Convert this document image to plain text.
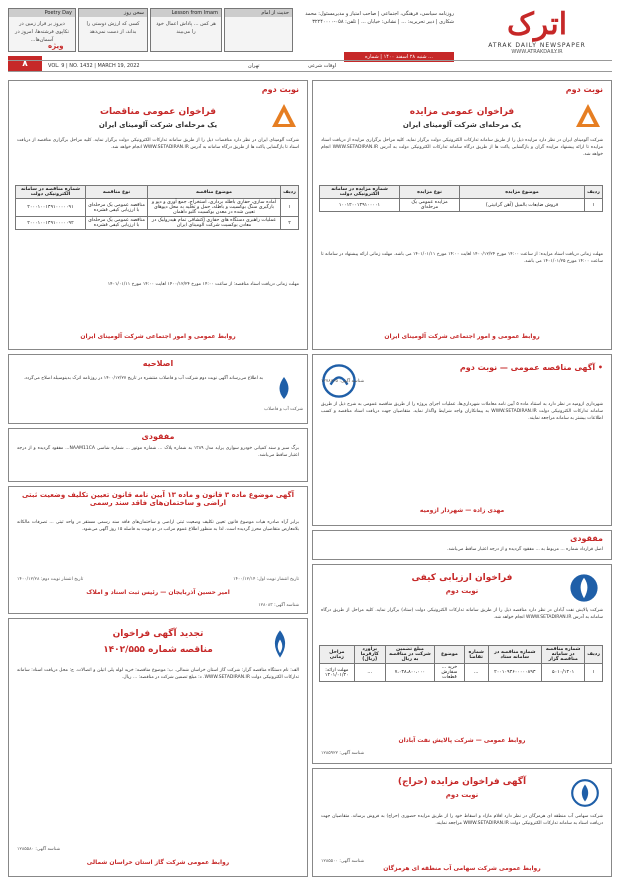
اترک
ATRAK DAILY NEWSPAPER
WWW.ATRAKDAILY.IR
روزنامه سیاسی، فرهنگی، اجتماعی | صاحب امتیاز و مدیرمسئول: محمد شکاری | دبیر تحریریه: ... | نشانی: خیابان ... | تلفن: ۰۵۸-۳۲۲۴۰۰۰۰
شنبه ۲۸ اسفند ۱۴۰۰ | شماره ...
Poetry Day
دیروز بر فراز زمین در تکاپوی فرشته‌ها، امروز در آسمان‌ها...
سخن روز
کسی که ارزش دوستی را بداند، از دست نمی‌دهد
Lesson from Imam
هر کس ... پاداش اعمال خود را می‌بیند
حدیث از امام
۸	VOL. 9 | NO. 1432 | MARCH 19, 2022	تهران	اوقات شرعی
ویژه
نوبت دوم
فراخوان عمومی مزایده
یک مرحله‌ای شرکت آلومینای ایران
شرکت آلومینای ایران در نظر دارد مزایده ذیل را از طریق سامانه تدارکات الکترونیکی دولت برگزار نماید. کلیه مراحل برگزاری مزایده از دریافت اسناد مزایده تا ارائه پیشنهاد مزایده گران و بازگشایی پاکت ها از طریق درگاه سامانه تدارکات الکترونیکی دولت به آدرس WWW.SETADIRAN.IR انجام خواهد شد.
ردیف	موضوع مزایده	نوع مزایده	شماره مزایده در سامانه الکترونیکی دولت
۱	فروش ضایعات بالمیل (آهن گرانیتی)	مزایده عمومی یک مرحله‌ای	۱۰۰۱۲۰۰۱۴۹۱۰۰۰۰۱
مهلت زمانی دریافت اسناد مزایده: از ساعت ۱۴:۰۰ مورخ ۱۴۰۰/۱۲/۲۴ لغایت ۱۴:۰۰ مورخ ۱۴۰۱/۰۱/۱۱ می باشد. مهلت زمانی ارائه پیشنهاد در سامانه تا ساعت ۱۴:۰۰ مورخ ۱۴۰۱/۰۱/۲۵ می باشد.
روابط عمومی و امور اجتماعی شرکت آلومینای ایران
نوبت دوم
فراخوان عمومی مناقصات
یک مرحله‌ای شرکت آلومینای ایران
شرکت آلومینای ایران در نظر دارد مناقصات ذیل را از طریق سامانه تدارکات الکترونیکی دولت برگزار نماید. کلیه مراحل برگزاری مناقصه از دریافت اسناد تا بازگشایی پاکت ها از طریق درگاه سامانه به آدرس WWW.SETADIRAN.IR انجام خواهد شد.
ردیف	موضوع مناقصه	نوع مناقصه	شماره مناقصه در سامانه الکترونیکی دولت
۱	آماده سازی، حفاری باطله برداری، استخراج، جمع آوری و دپو و بارگیری سنگ بوکسیت و باطله، حمل و تخلیه به محل دپوهای تعیین شده در معدن بوکسیت گلبو داهمان	مناقصه عمومی یک مرحله‌ای با ارزیابی کیفی فشرده	۲۰۰۰۱۰۰۱۴۹۱۰۰۰۰۰۹۱
۲	عملیات راهبری دستگاه های حفاری اکتشافی تمام هیدرولیک در معادن بوکسیت شرکت آلومینای ایران	مناقصه عمومی یک مرحله‌ای با ارزیابی کیفی فشرده	۲۰۰۰۱۰۰۱۴۹۱۰۰۰۰۰۹۲
مهلت زمانی دریافت اسناد مناقصه: از ساعت ۱۴:۰۰ مورخ ۱۴۰۰/۱۲/۲۴ لغایت ۱۴:۰۰ مورخ ۱۴۰۱/۰۱/۱۱
روابط عمومی و امور اجتماعی شرکت آلومینای ایران
• آگهی مناقصه عمومی — نوبت دوم
شهرداری ازومیه در نظر دارد به استناد ماده ۵ آیین نامه معاملات شهرداری‌ها، عملیات اجرای پروژه را از طریق مناقصه عمومی به شرح ذیل از طریق سامانه تدارکات الکترونیکی دولت WWW.SETADIRAN.IR به پیمانکاران واجد شرایط واگذار نماید. متقاضیان جهت دریافت اسناد مناقصه و کسب اطلاعات بیشتر به سامانه مراجعه نمایند.
مهدی زاده — شهردار ازومیه
شناسه آگهی: ۱۲۷۸۷۶۵
اصلاحیه
به اطلاع می‌رساند آگهی نوبت دوم شرکت آب و فاضلاب منتشره در تاریخ ۱۴۰۰/۱۲/۲۷ در روزنامه اترک بدینوسیله اصلاح می‌گردد.
شرکت آب و فاضلاب
مفقودی
برگ سبز و سند کمپانی خودرو سواری پراید مدل ۱۳۸۹ به شماره پلاک ... شماره موتور ... شماره شاسی NAAM11CA... مفقود گردیده و از درجه اعتبار ساقط می‌باشد.
آگهی موضوع ماده ۳ قانون و ماده ۱۳ آیین نامه قانون تعیین تکلیف وضعیت ثبتی اراضی و ساختمان‌های فاقد سند رسمی
برابر آراء صادره هیات موضوع قانون تعیین تکلیف وضعیت ثبتی اراضی و ساختمان‌های فاقد سند رسمی مستقر در واحد ثبتی ... تصرفات مالکانه بلامعارض متقاضیان محرز گردیده است. لذا به منظور اطلاع عموم مراتب در دو نوبت به فاصله ۱۵ روز آگهی می‌شود.
تاریخ انتشار نوبت اول: ۱۴۰۰/۱۲/۱۴
تاریخ انتشار نوبت دوم: ۱۴۰۰/۱۲/۲۸
امیر حسین آذربایجان — رئیس ثبت اسناد و املاک
شناسه آگهی: ۱۲۸۰۸۳
تجدید آگهی فراخوان
مناقصه شماره ۱۴۰۲/۵۵۵
الف: نام دستگاه مناقصه گزار: شرکت گاز استان خراسان شمالی. ب: موضوع مناقصه: خرید لوله پلی اتیلن و اتصالات. ج: محل دریافت اسناد: سامانه تدارکات الکترونیکی دولت WWW.SETADIRAN.IR. د: مبلغ تضمین شرکت در مناقصه: ... ریال.
شناسه آگهی: ۱۲۸۵۵۸۰
روابط عمومی شرکت گاز استان خراسان شمالی
مفقودی
اصل قرارداد شماره ... مربوط به ... مفقود گردیده و از درجه اعتبار ساقط می‌باشد.
فراخوان ارزیابی کیفی
نوبت دوم
شرکت پالایش نفت آبادان در نظر دارد مناقصه ذیل را از طریق سامانه تدارکات الکترونیکی دولت (ستاد) برگزار نماید. کلیه مراحل از طریق درگاه سامانه به آدرس WWW.SETADIRAN.IR انجام خواهد شد.
ردیف	شماره مناقصه در سامانه مناقصه گزار	شماره مناقصه در سامانه ستاد	شماره تقاضا	موضوع	مبلغ تضمین شرکت در مناقصه به ریال	برآورد کارفرما (ریال)	مراحل زمانی
۱	۵۰۱۰/۱۴۰۱	۲۰۰۱۰۹۳۶۰۰۰۰۰۸۹۳	...	خرید ... سفارش قطعات	۷،۰۳۸،۸۰۰،۰۰۰	...	مهلت ارائه: ۱۴۰۱/۰۱/۲۰
روابط عمومی — شرکت پالایش نفت آبادان
شناسه آگهی: ۱۲۸۵۹۲۲
آگهی فراخوان مزایده (حراج)
نوبت دوم
شرکت سهامی آب منطقه ای هرمزگان در نظر دارد اقلام مازاد و اسقاط خود را از طریق مزایده حضوری (حراج) به فروش برساند. متقاضیان جهت دریافت اسناد به سامانه تدارکات الکترونیکی دولت WWW.SETADIRAN.IR مراجعه نمایند.
شناسه آگهی: ۱۲۸۵۵۰۰
روابط عمومی شرکت سهامی آب منطقه ای هرمزگان
